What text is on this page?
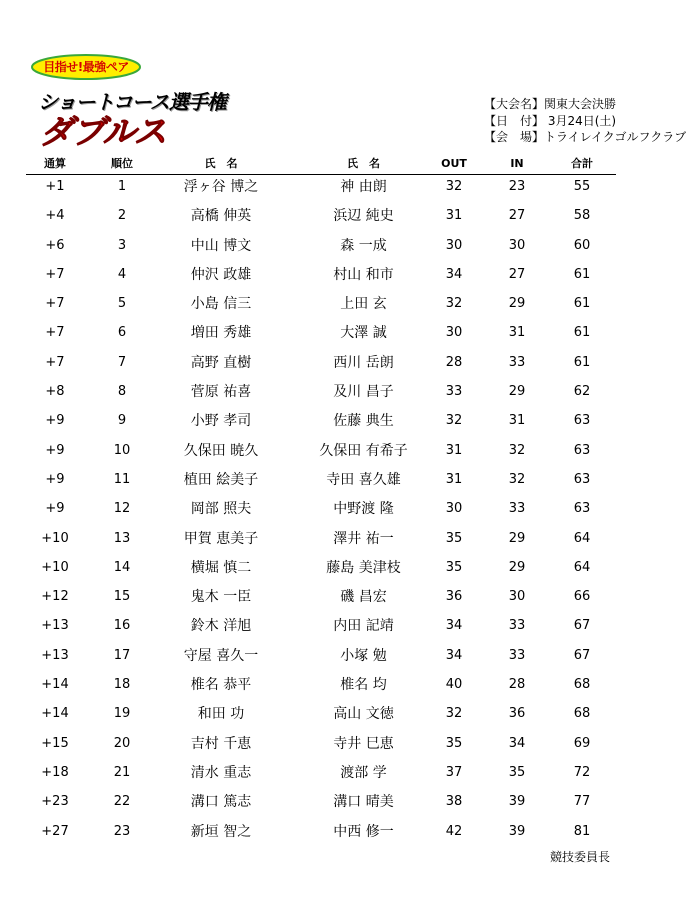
目指せ!最強ペア
ショートコース選手権
ダブルス
【大会名】関東大会決勝
【日　付】 3月24日(土)
【会　場】トライレイクゴルフクラブ
通算	順位	氏　名	氏　名	OUT	IN	合計
+1	1	浮ヶ谷 博之	神 由朗	32	23	55
+4	2	高橋 伸英	浜辺 純史	31	27	58
+6	3	中山 博文	森 一成	30	30	60
+7	4	仲沢 政雄	村山 和市	34	27	61
+7	5	小島 信三	上田 玄	32	29	61
+7	6	増田 秀雄	大澤 誠	30	31	61
+7	7	高野 直樹	西川 岳朗	28	33	61
+8	8	菅原 祐喜	及川 昌子	33	29	62
+9	9	小野 孝司	佐藤 典生	32	31	63
+9	10	久保田 暁久	久保田 有希子	31	32	63
+9	11	植田 絵美子	寺田 喜久雄	31	32	63
+9	12	岡部 照夫	中野渡 隆	30	33	63
+10	13	甲賀 恵美子	澤井 祐一	35	29	64
+10	14	横堀 慎二	藤島 美津枝	35	29	64
+12	15	鬼木 一臣	磯 昌宏	36	30	66
+13	16	鈴木 洋旭	内田 記靖	34	33	67
+13	17	守屋 喜久一	小塚 勉	34	33	67
+14	18	椎名 恭平	椎名 均	40	28	68
+14	19	和田 功	高山 文徳	32	36	68
+15	20	吉村 千恵	寺井 巳恵	35	34	69
+18	21	清水 重志	渡部 学	37	35	72
+23	22	溝口 篤志	溝口 晴美	38	39	77
+27	23	新垣 智之	中西 修一	42	39	81
競技委員長
